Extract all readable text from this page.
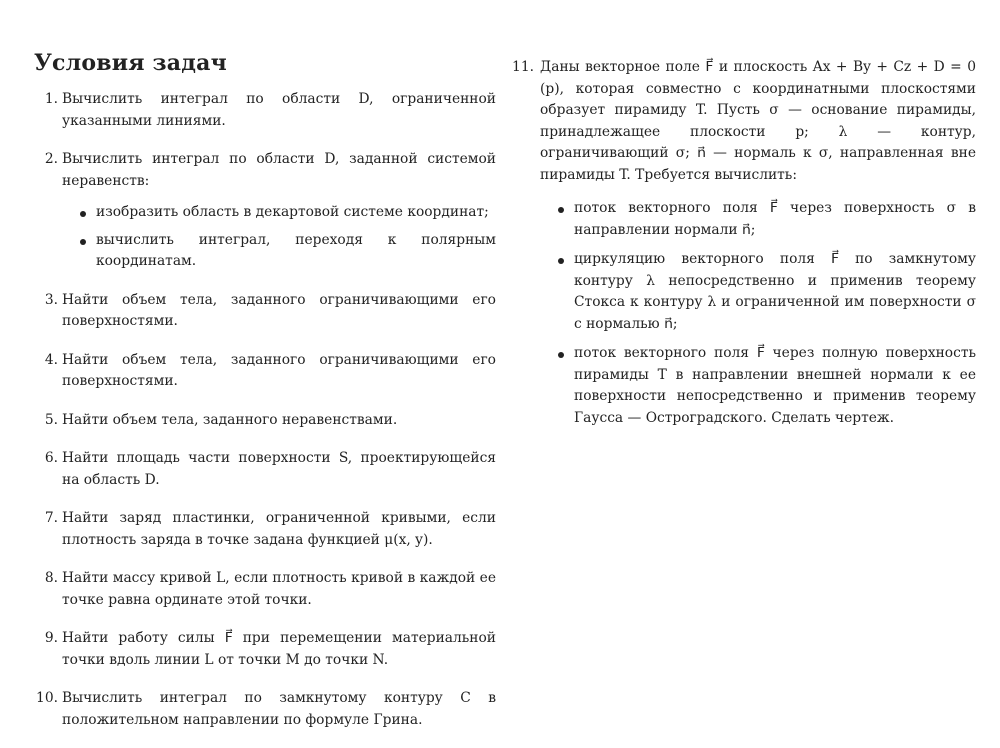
Условия задач
1. Вычислить интеграл по области D, ограниченной указанными линиями.
2. Вычислить интеграл по области D, заданной системой неравенств:
изобразить область в декартовой системе координат;
вычислить интеграл, переходя к полярным координатам.
3. Найти объем тела, заданного ограничивающими его поверхностями.
4. Найти объем тела, заданного ограничивающими его поверхностями.
5. Найти объем тела, заданного неравенствами.
6. Найти площадь части поверхности S, проектирующейся на область D.
7. Найти заряд пластинки, ограниченной кривыми, если плотность заряда в точке задана функцией μ(x, y).
8. Найти массу кривой L, если плотность кривой в каждой ее точке равна ординате этой точки.
9. Найти работу силы F⃗ при перемещении материальной точки вдоль линии L от точки M до точки N.
10. Вычислить интеграл по замкнутому контуру C в положительном направлении по формуле Грина.
11. Даны векторное поле F⃗ и плоскость Ax + By + Cz + D = 0 (p), которая совместно с координатными плоскостями образует пирамиду T. Пусть σ — основание пирамиды, принадлежащее плоскости p; λ — контур, ограничивающий σ; n⃗ — нормаль к σ, направленная вне пирамиды T. Требуется вычислить:
поток векторного поля F⃗ через поверхность σ в направлении нормали n⃗;
циркуляцию векторного поля F⃗ по замкнутому контуру λ непосредственно и применив теорему Стокса к контуру λ и ограниченной им поверхности σ с нормалью n⃗;
поток векторного поля F⃗ через полную поверхность пирамиды T в направлении внешней нормали к ее поверхности непосредственно и применив теорему Гаусса — Остроградского. Сделать чертеж.
